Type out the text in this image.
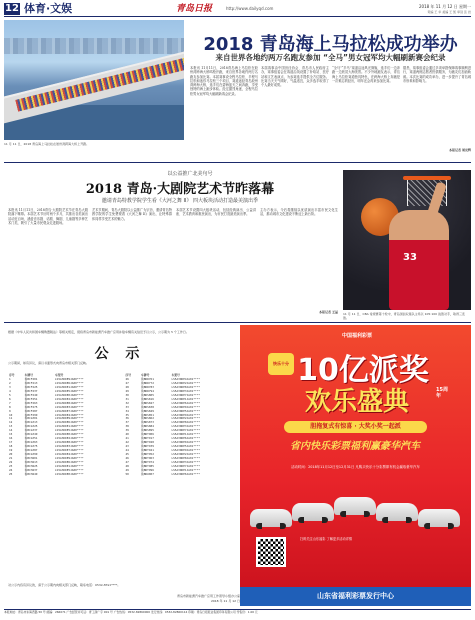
12 体育·文娱	青岛日报	http://www.dailyqd.com	2018 年 11 月 12 日 星期一
责编 王 华 美编 王 凯 审读 张 岩
11 月 11 日，2018 青岛海上马拉松在胶州湾跨海大桥上开跑。
2018 青岛海上马拉松成功举办
来自世界各地约两万名跑友参加 “全马”男女冠军均大幅刷新赛会纪录
本报讯 11月11日，2018青岛海上马拉松在胶州湾跨海大桥鸣枪开跑，来自世界各地约两万名跑友参加比赛。本届赛事设全程马拉松、半程马拉松和迷你马拉松三个项目，赛道途经青岛胶州湾跨海大桥，选手们在碧海蓝天之间奔跑，享受独特的海上跑步体验。经过激烈角逐，全程马拉松男女冠军均大幅刷新赛会纪录。
本届赛事由中国田径协会、青岛市人民政府主办，赛事组委会在赛道沿线设置了补给站、医疗站和文艺表演点，为参赛选手提供全方位服务。比赛当天天气晴好，气温适宜，众多选手取得了个人最好成绩。
“全马”“半马”赛道沿途风光旖旎，选手们一边奔跑一边欣赏大海美景。不少外地跑友表示，青岛海上马拉松赛道独具特色，在跨海大桥上奔跑是一次难忘的经历，明年还会再来参加比赛。
据悉，赛事组委会通过多项举措保障赛事顺利进行，赛道两侧志愿者热情服务，为跑友们加油助威。本次比赛的成功举办，进一步提升了青岛城市形象和影响力。
本报记者 周光辉
以公益推广北美句号
2018 青岛·大剧院艺术节昨落幕
邀请青岛特教学院学生看《大河之舞 II》 四大板块活动打造最美演出季
本报讯 11月11日，2018青岛·大剧院艺术节在青岛大剧院落下帷幕。本届艺术节历时两个多月，共推出各类演出活动近百场，涵盖音乐剧、话剧、舞剧、儿童剧等多种艺术门类，吸引了大量市民观众走进剧场。
艺术节期间，青岛大剧院以公益推广为宗旨，邀请青岛特教学院的学生免费观看《大河之舞 II》演出，让特殊群体同样享受艺术的魅力。
本届艺术节设置四大板块活动，包括经典演出、公益讲座、艺术教育和惠民演出，为市民打造最美演出季。
主办方表示，今后将继续以优质演出丰富市民文化生活，推动城市文化建设不断迈上新台阶。
本报记者 王晶
33
11 月 11 日，CBA 常规赛第十轮中，青岛国信双星队主场以 105:100 战胜对手，取得三连胜。
根据《中华人民共和国车辆购置税法》等相关规定，现将青岛市新能源汽车推广应用补贴车辆有关信息予以公示，公示期为 5 个工作日。
公 示
公示期间，如有异议，请以书面形式向青岛市相关部门反映。
序号	车牌号	车架号		序号	车牌号	车架号
1	鲁BCF201	LS5A3DDE9JA00****		26	鲁BDR761	LS5A3DDE4JA01****
2	鲁BCF213	LS5A3DDE6JA00****		27	鲁BDR772	LS5A3DDE2JA01****
3	鲁BCF225	LS5A3DDE1JA00****		28	鲁BDR783	LS5A3DDE8JA01****
4	鲁BCF237	LS5A3DDE5JA00****		29	鲁BDR794	LS5A3DDE3JA01****
5	鲁BCF249	LS5A3DDE0JA00****		30	鲁BDS805	LS5A3DDE7JA01****
6	鲁BCF251	LS5A3DDE2JA00****		31	鲁BDS816	LS5A3DDE1JA01****
7	鲁BCF263	LS5A3DDE8JA00****		32	鲁BDS827	LS5A3DDE6JA01****
8	鲁BCF275	LS5A3DDE3JA00****		33	鲁BDS838	LS5A3DDE0JA01****
9	鲁BCF287	LS5A3DDE7JA00****		34	鲁BDS849	LS5A3DDE5JA01****
10	鲁BCF299	LS5A3DDE4JA00****		35	鲁BDS851	LS5A3DDE9JA01****
11	鲁BCG301	LS5A3DDE9JA00****		36	鲁BDS862	LS5A3DDE2JA01****
12	鲁BCG313	LS5A3DDE6JA00****		37	鲁BDS873	LS5A3DDE8JA01****
13	鲁BCG325	LS5A3DDE1JA00****		38	鲁BDS884	LS5A3DDE3JA01****
14	鲁BCG337	LS5A3DDE5JA00****		39	鲁BDS895	LS5A3DDE7JA01****
15	鲁BCG349	LS5A3DDE0JA00****		40	鲁BDT906	LS5A3DDE1JA01****
16	鲁BCG351	LS5A3DDE2JA00****		41	鲁BDT917	LS5A3DDE6JA01****
17	鲁BCG363	LS5A3DDE8JA00****		42	鲁BDT928	LS5A3DDE0JA01****
18	鲁BCG375	LS5A3DDE3JA00****		43	鲁BDT939	LS5A3DDE5JA01****
19	鲁BCG387	LS5A3DDE7JA00****		44	鲁BDT941	LS5A3DDE9JA01****
20	鲁BCG399	LS5A3DDE4JA00****		45	鲁BDT952	LS5A3DDE2JA01****
21	鲁BCH401	LS5A3DDE9JA00****		46	鲁BDT963	LS5A3DDE8JA01****
22	鲁BCH413	LS5A3DDE6JA00****		47	鲁BDT974	LS5A3DDE3JA01****
23	鲁BCH425	LS5A3DDE1JA00****		48	鲁BDT985	LS5A3DDE7JA01****
24	鲁BCH437	LS5A3DDE5JA00****		49	鲁BDT996	LS5A3DDE1JA01****
25	鲁BCH449	LS5A3DDE0JA00****		50	鲁BDU007	LS5A3DDE6JA01****
对公示内容有异议的，请于公示期内向相关部门反映，联系电话：0532-8591****。
青岛市新能源汽车推广应用工作领导小组办公室
2018 年 11 月 12 日
中国福利彩票
快乐十分 10亿派奖
欢乐盛典	15周年
胆拖复式有惊喜 · 大奖小奖一起派
省内快乐彩票福利赢豪华汽车
活动时间：2018年11月12日至12月31日 凡购买快乐十分彩票即有机会赢取豪华汽车
扫码关注山东福彩 了解更多活动详情
山东省福利彩票发行中心
本报地址：青岛市东海西路 50 号 邮编：266071 广告经营许可证：青工商广字 001 号 广告热线：0532-82860000 发行热线：0532-82860114 印刷：青岛日报报业集团印务有限公司 零售价：1.00 元
